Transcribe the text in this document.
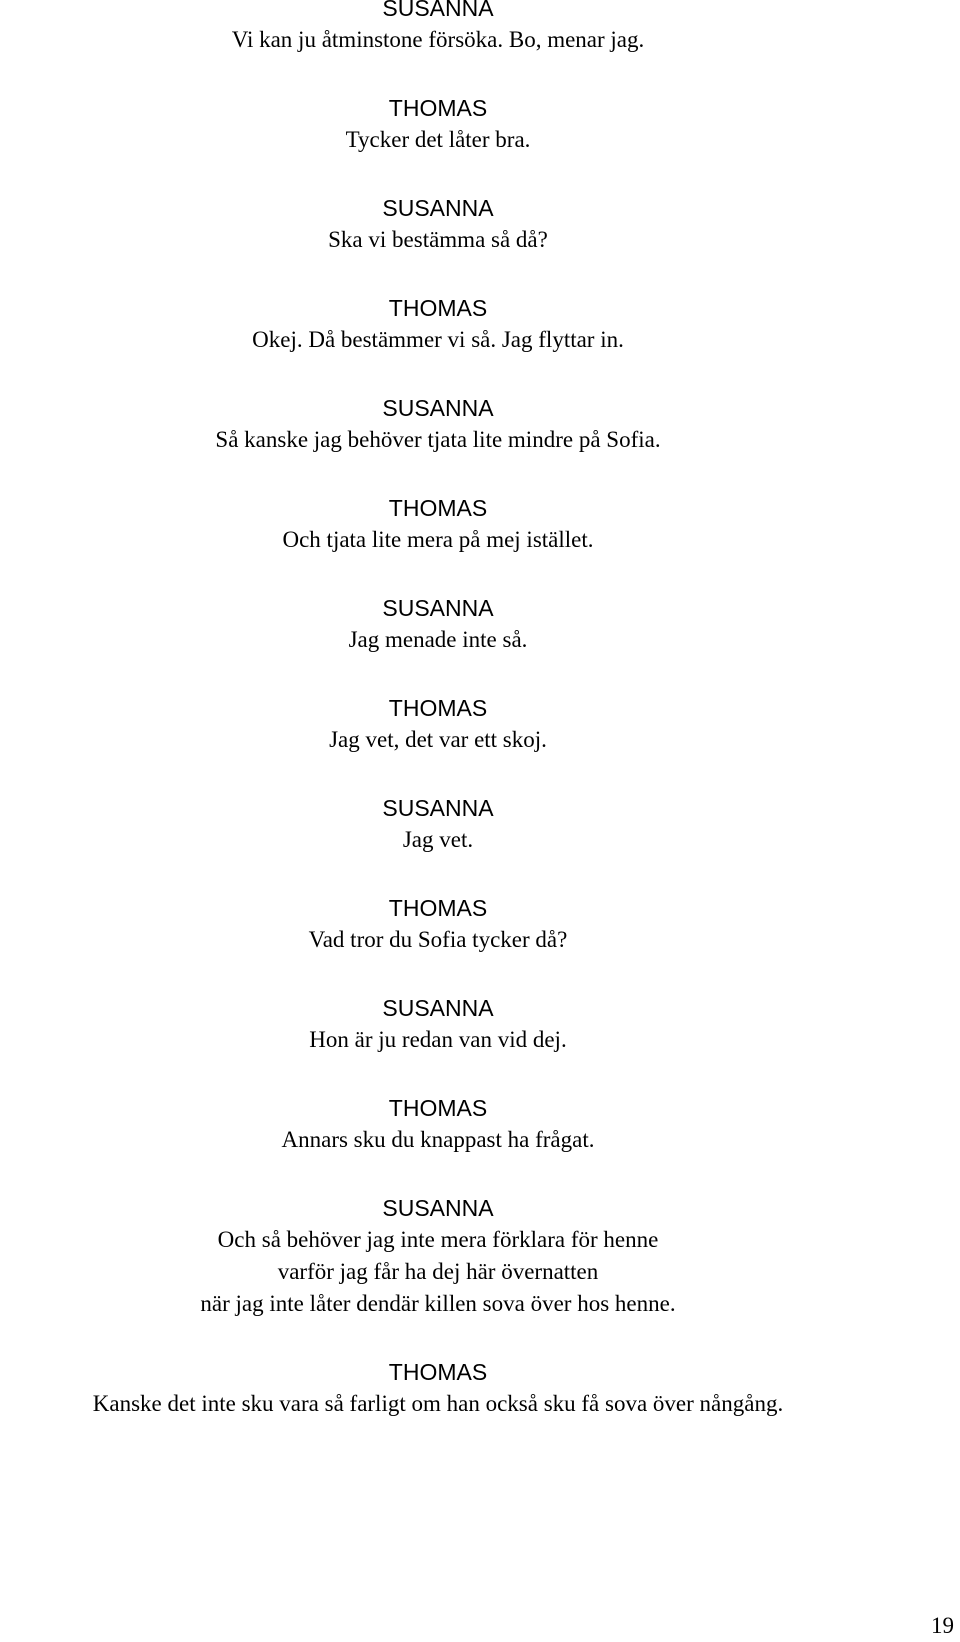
SUSANNA
Vi kan ju åtminstone försöka. Bo, menar jag.
THOMAS
Tycker det låter bra.
SUSANNA
Ska vi bestämma så då?
THOMAS
Okej. Då bestämmer vi så. Jag flyttar in.
SUSANNA
Så kanske jag behöver tjata lite mindre på Sofia.
THOMAS
Och tjata lite mera på mej istället.
SUSANNA
Jag menade inte så.
THOMAS
Jag vet, det var ett skoj.
SUSANNA
Jag vet.
THOMAS
Vad tror du Sofia tycker då?
SUSANNA
Hon är ju redan van vid dej.
THOMAS
Annars sku du knappast ha frågat.
SUSANNA
Och så behöver jag inte mera förklara för henne
varför jag får ha dej här övernatten
när jag inte låter dendär killen sova över hos henne.
THOMAS
Kanske det inte sku vara så farligt om han också sku få sova över nångång.
19
